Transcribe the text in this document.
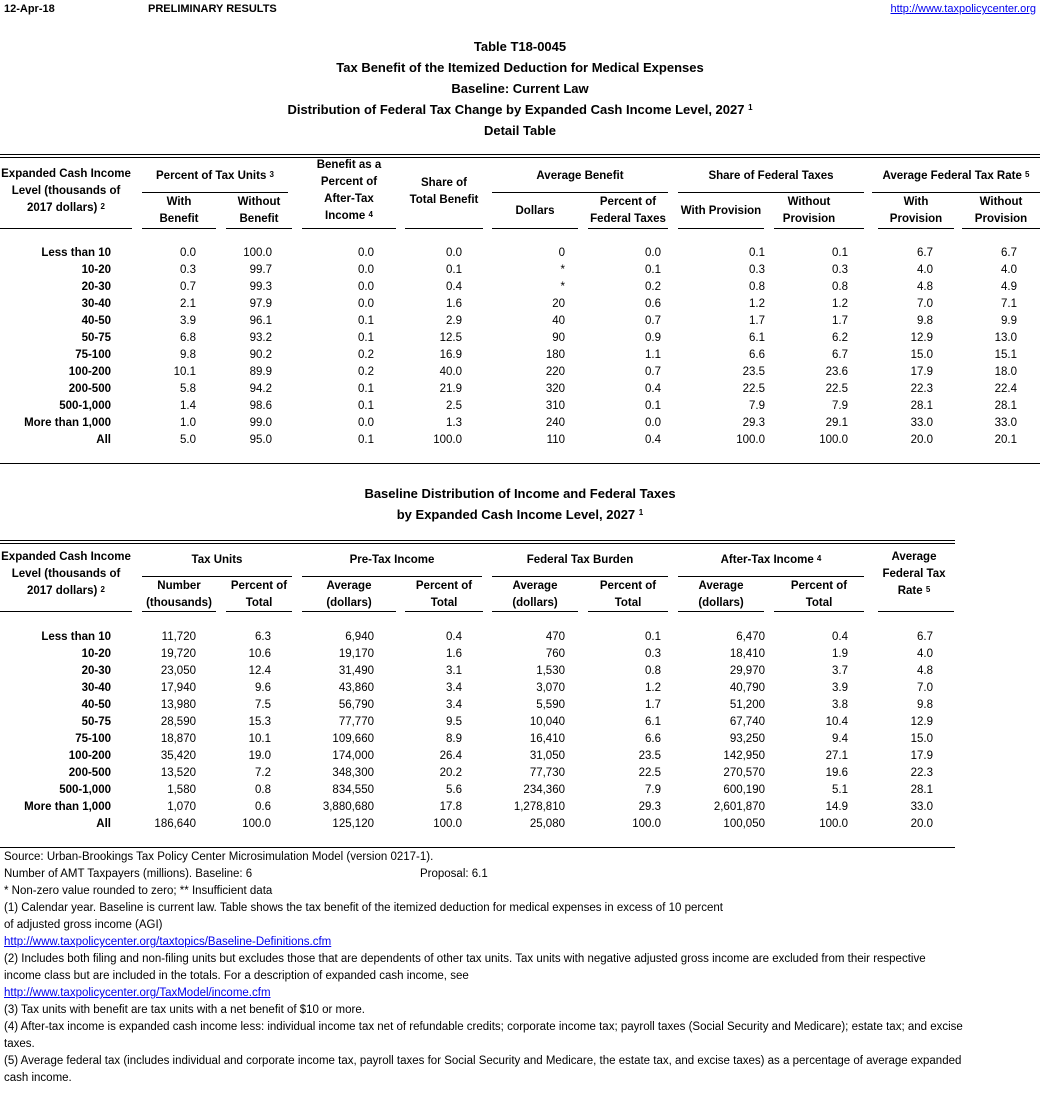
12-Apr-18	PRELIMINARY RESULTS	http://www.taxpolicycenter.org
Table T18-0045
Tax Benefit of the Itemized Deduction for Medical Expenses
Baseline: Current Law
Distribution of Federal Tax Change by Expanded Cash Income Level, 2027 $^1$
Detail Table
Expanded Cash Income
Level (thousands of
2017 dollars) $^2$
Percent of Tax Units $^3$
With
Benefit
Without
Benefit
Benefit as a
Percent of
After-Tax
Income $^4$
Share of
Total Benefit
Average Benefit
Dollars
Percent of
Federal Taxes
Share of Federal Taxes
With Provision
Without
Provision
Average Federal Tax Rate $^5$
With
Provision
Without
Provision
Less than 10	0.0	100.0	0.0	0.0	0	0.0	0.1	0.1	6.7	6.7
10-20	0.3	99.7	0.0	0.1	*	0.1	0.3	0.3	4.0	4.0
20-30	0.7	99.3	0.0	0.4	*	0.2	0.8	0.8	4.8	4.9
30-40	2.1	97.9	0.0	1.6	20	0.6	1.2	1.2	7.0	7.1
40-50	3.9	96.1	0.1	2.9	40	0.7	1.7	1.7	9.8	9.9
50-75	6.8	93.2	0.1	12.5	90	0.9	6.1	6.2	12.9	13.0
75-100	9.8	90.2	0.2	16.9	180	1.1	6.6	6.7	15.0	15.1
100-200	10.1	89.9	0.2	40.0	220	0.7	23.5	23.6	17.9	18.0
200-500	5.8	94.2	0.1	21.9	320	0.4	22.5	22.5	22.3	22.4
500-1,000	1.4	98.6	0.1	2.5	310	0.1	7.9	7.9	28.1	28.1
More than 1,000	1.0	99.0	0.0	1.3	240	0.0	29.3	29.1	33.0	33.0
All	5.0	95.0	0.1	100.0	110	0.4	100.0	100.0	20.0	20.1
Baseline Distribution of Income and Federal Taxes
by Expanded Cash Income Level, 2027 $^1$
Expanded Cash Income
Level (thousands of
2017 dollars) $^2$
Tax Units
Number
(thousands)
Percent of
Total
Pre-Tax Income
Average
(dollars)
Percent of
Total
Federal Tax Burden
Average
(dollars)
Percent of
Total
After-Tax Income $^4$
Average
(dollars)
Percent of
Total
Average
Federal Tax
Rate $^5$
Less than 10	11,720	6.3	6,940	0.4	470	0.1	6,470	0.4	6.7
10-20	19,720	10.6	19,170	1.6	760	0.3	18,410	1.9	4.0
20-30	23,050	12.4	31,490	3.1	1,530	0.8	29,970	3.7	4.8
30-40	17,940	9.6	43,860	3.4	3,070	1.2	40,790	3.9	7.0
40-50	13,980	7.5	56,790	3.4	5,590	1.7	51,200	3.8	9.8
50-75	28,590	15.3	77,770	9.5	10,040	6.1	67,740	10.4	12.9
75-100	18,870	10.1	109,660	8.9	16,410	6.6	93,250	9.4	15.0
100-200	35,420	19.0	174,000	26.4	31,050	23.5	142,950	27.1	17.9
200-500	13,520	7.2	348,300	20.2	77,730	22.5	270,570	19.6	22.3
500-1,000	1,580	0.8	834,550	5.6	234,360	7.9	600,190	5.1	28.1
More than 1,000	1,070	0.6	3,880,680	17.8	1,278,810	29.3	2,601,870	14.9	33.0
All	186,640	100.0	125,120	100.0	25,080	100.0	100,050	100.0	20.0
Source: Urban-Brookings Tax Policy Center Microsimulation Model (version 0217-1).
Number of AMT Taxpayers (millions). Baseline: 6	Proposal: 6.1
* Non-zero value rounded to zero; ** Insufficient data
(1) Calendar year. Baseline is current law. Table shows the tax benefit of the itemized deduction for medical expenses in excess of 10 percent
of adjusted gross income (AGI)
http://www.taxpolicycenter.org/taxtopics/Baseline-Definitions.cfm
(2) Includes both filing and non-filing units but excludes those that are dependents of other tax units. Tax units with negative adjusted gross income are excluded from their respective
income class but are included in the totals. For a description of expanded cash income, see
http://www.taxpolicycenter.org/TaxModel/income.cfm
(3) Tax units with benefit are tax units with a net benefit of $10 or more.
(4) After-tax income is expanded cash income less: individual income tax net of refundable credits; corporate income tax; payroll taxes (Social Security and Medicare); estate tax; and excise
taxes.
(5) Average federal tax (includes individual and corporate income tax, payroll taxes for Social Security and Medicare, the estate tax, and excise taxes) as a percentage of average expanded
cash income.
